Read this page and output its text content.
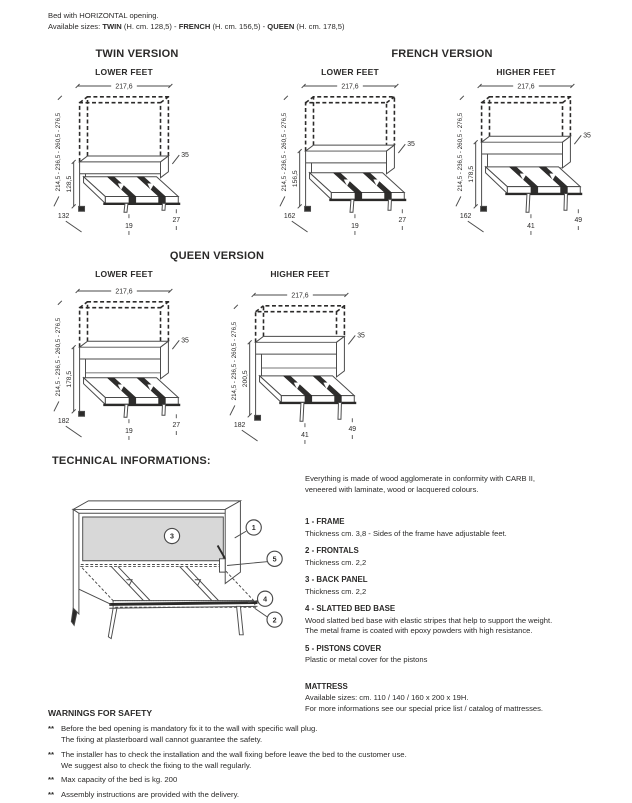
Bed with HORIZONTAL opening.
Available sizes: TWIN (H. cm. 128,5) - FRENCH (H. cm. 156,5) - QUEEN (H. cm. 178,5)
TWIN VERSION	FRENCH VERSION
QUEEN VERSION
LOWER FEET	LOWER FEET	HIGHER FEET
LOWER FEET	HIGHER FEET
217,6
35
128,5
214,5 - 236,5 - 260,5 - 276,5
132
19
27
217,6
35
156,5
214,5 - 236,5 - 260,5 - 276,5
162
19
27
217,6
35
178,5
214,5 - 236,5 - 260,5 - 276,5
162
41
49
217,6
35
178,5
214,5 - 236,5 - 260,5 - 276,5
182
19
27
217,6
35
200,5
214,5 - 236,5 - 260,5 - 276,5
182
41
49
TECHNICAL INFORMATIONS:
1
3
5
4
2
Everything is made of wood agglomerate in conformity with CARB II,
veneered with laminate, wood or lacquered colours.
1 - FRAME
Thickness cm. 3,8 - Sides of the frame have adjustable feet.
2 - FRONTALS
Thickness cm. 2,2
3 - BACK PANEL
Thickness cm. 2,2
4 - SLATTED BED BASE
Wood slatted bed base with elastic stripes that help to support the weight.
The metal frame is coated with epoxy powders with high resistance.
5 - PISTONS COVER
Plastic or metal cover for the pistons
MATTRESS
Available sizes: cm. 110 / 140 / 160 x 200 x 19H.
For more informations see our special price list / catalog of mattresses.
WARNINGS FOR SAFETY
** Before the bed opening is mandatory fix it to the wall with specific wall plug.
The fixing at plasterboard wall cannot guarantee the safety.
** The installer has to check the installation and the wall fixing before leave the bed to the customer use.
We suggest also to check the fixing to the wall regularly.
** Max capacity of the bed is kg. 200
** Assembly instructions are provided with the delivery.
